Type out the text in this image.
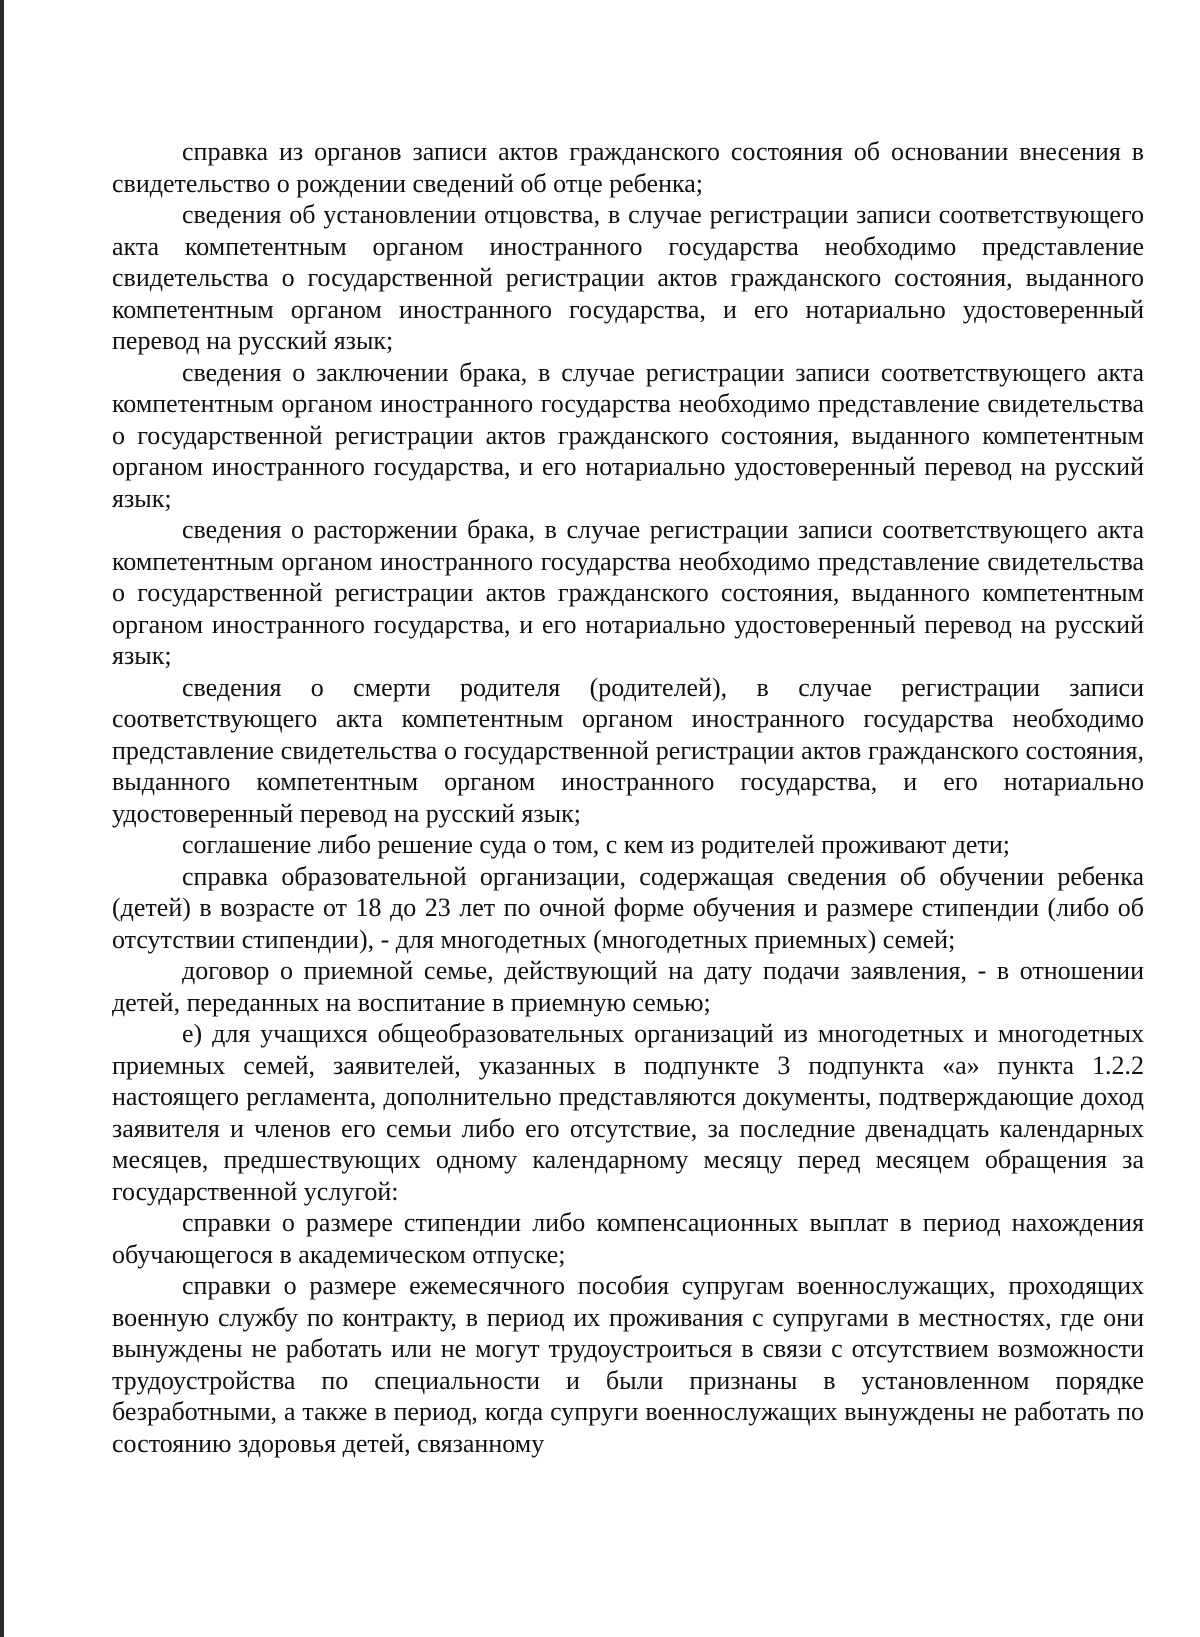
справка из органов записи актов гражданского состояния об основании внесения в свидетельство о рождении сведений об отце ребенка;

сведения об установлении отцовства, в случае регистрации записи соответствующего акта компетентным органом иностранного государства необходимо представление свидетельства о государственной регистрации актов гражданского состояния, выданного компетентным органом иностранного государства, и его нотариально удостоверенный перевод на русский язык;

сведения о заключении брака, в случае регистрации записи соответствующего акта компетентным органом иностранного государства необходимо представление свидетельства о государственной регистрации актов гражданского состояния, выданного компетентным органом иностранного государства, и его нотариально удостоверенный перевод на русский язык;

сведения о расторжении брака, в случае регистрации записи соответствующего акта компетентным органом иностранного государства необходимо представление свидетельства о государственной регистрации актов гражданского состояния, выданного компетентным органом иностранного государства, и его нотариально удостоверенный перевод на русский язык;

сведения о смерти родителя (родителей), в случае регистрации записи соответствующего акта компетентным органом иностранного государства необходимо представление свидетельства о государственной регистрации актов гражданского состояния, выданного компетентным органом иностранного государства, и его нотариально удостоверенный перевод на русский язык;

соглашение либо решение суда о том, с кем из родителей проживают дети;

справка образовательной организации, содержащая сведения об обучении ребенка (детей) в возрасте от 18 до 23 лет по очной форме обучения и размере стипендии (либо об отсутствии стипендии), - для многодетных (многодетных приемных) семей;

договор о приемной семье, действующий на дату подачи заявления, - в отношении детей, переданных на воспитание в приемную семью;

е) для учащихся общеобразовательных организаций из многодетных и многодетных приемных семей, заявителей, указанных в подпункте 3 подпункта «а» пункта 1.2.2 настоящего регламента, дополнительно представляются документы, подтверждающие доход заявителя и членов его семьи либо его отсутствие, за последние двенадцать календарных месяцев, предшествующих одному календарному месяцу перед месяцем обращения за государственной услугой:

справки о размере стипендии либо компенсационных выплат в период нахождения обучающегося в академическом отпуске;

справки о размере ежемесячного пособия супругам военнослужащих, проходящих военную службу по контракту, в период их проживания с супругами в местностях, где они вынуждены не работать или не могут трудоустроиться в связи с отсутствием возможности трудоустройства по специальности и были признаны в установленном порядке безработными, а также в период, когда супруги военнослужащих вынуждены не работать по состоянию здоровья детей, связанному
